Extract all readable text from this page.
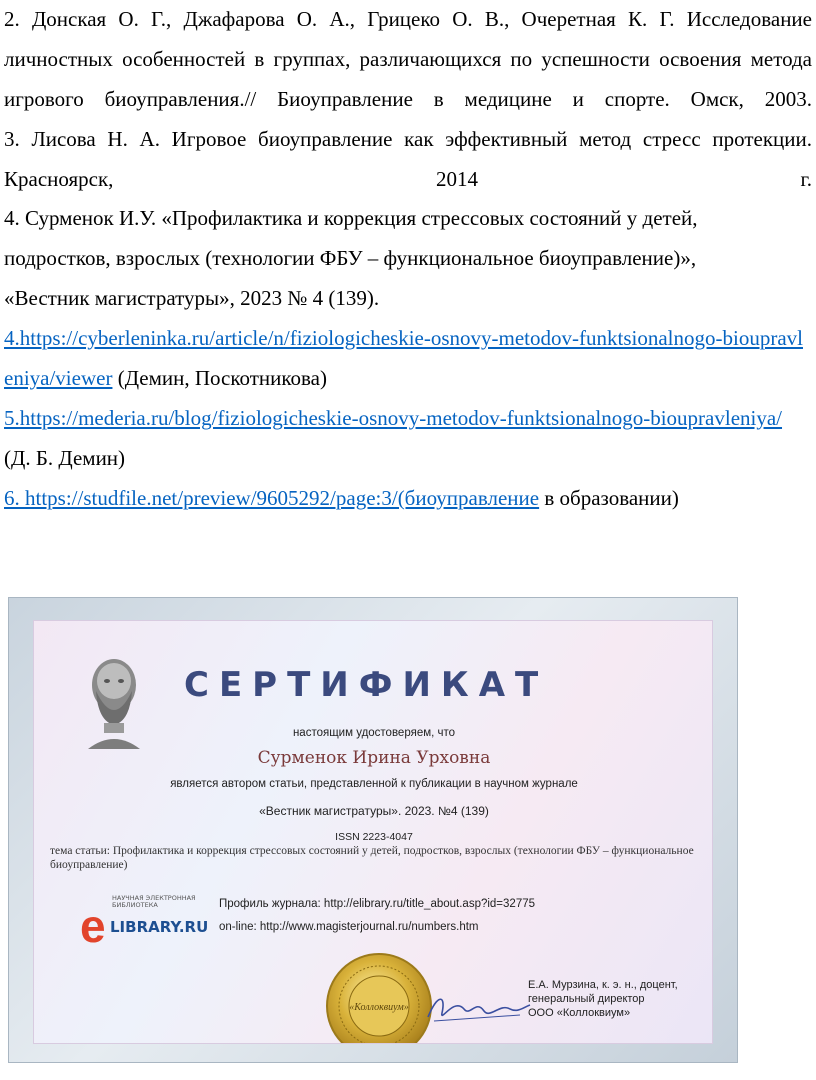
2. Донская О. Г., Джафарова О. А., Грицеко О. В., Очеретная К. Г. Исследование личностных особенностей в группах, различающихся по успешности освоения метода игрового биоуправления.// Биоуправление в медицине и спорте. Омск, 2003.

3. Лисова Н. А. Игровое биоуправление как эффективный метод стресс протекции. Красноярск, 2014 г.

4. Сурменок И.У. «Профилактика и коррекция стрессовых состояний у детей,
подростков, взрослых (технологии ФБУ – функциональное биоуправление)»,
«Вестник магистратуры», 2023 № 4 (139).

4.https://cyberleninka.ru/article/n/fiziologicheskie-osnovy-metodov-funktsionalnogo-bioupravleniya/viewer (Демин, Поскотникова)

5.https://mederia.ru/blog/fiziologicheskie-osnovy-metodov-funktsionalnogo-bioupravleniya/ (Д. Б. Демин)

6. https://studfile.net/preview/9605292/page:3/(биоуправление в образовании)

СЕРТИФИКАТ
настоящим удостоверяем, что
Сурменок Ирина Урховна
является автором статьи, представленной к публикации в научном журнале
«Вестник магистратуры». 2023. №4 (139)
ISSN 2223-4047
тема статьи: Профилактика и коррекция стрессовых состояний у детей, подростков, взрослых (технологии ФБУ – функциональное биоуправление)
НАУЧНАЯ ЭЛЕКТРОННАЯ
БИБЛИОТЕКА
e LIBRARY.RU
Профиль журнала: http://elibrary.ru/title_about.asp?id=32775
on-line: http://www.magisterjournal.ru/numbers.htm
«Коллоквиум»
Е.А. Мурзина, к. э. н., доцент,
генеральный директор
ООО «Коллоквиум»
